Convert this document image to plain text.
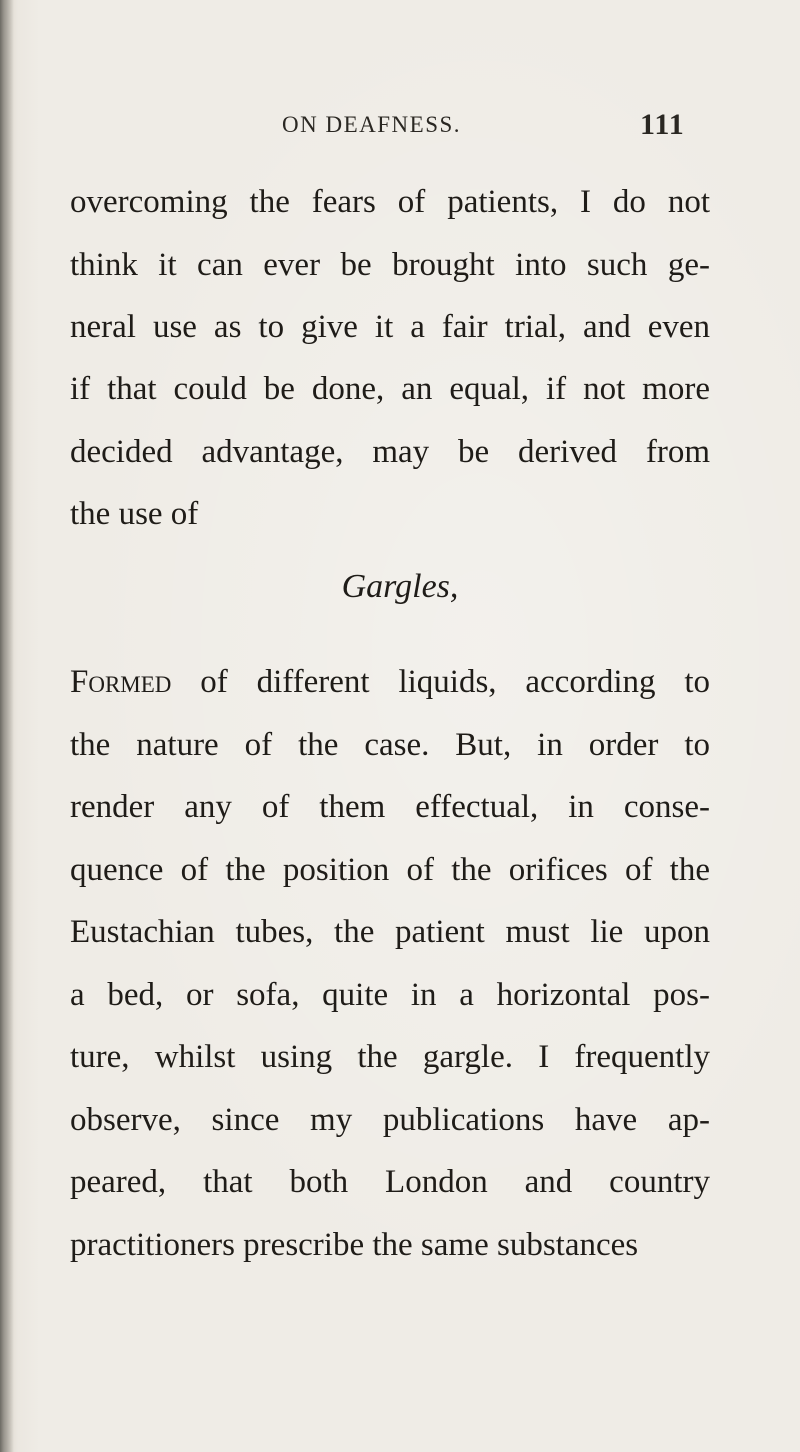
ON DEAFNESS.	111
overcoming the fears of patients, I do not
think it can ever be brought into such ge-
neral use as to give it a fair trial, and even
if that could be done, an equal, if not more
decided advantage, may be derived from
the use of
Gargles,
Formed of different liquids, according to
the nature of the case. But, in order to
render any of them effectual, in conse-
quence of the position of the orifices of the
Eustachian tubes, the patient must lie upon
a bed, or sofa, quite in a horizontal pos-
ture, whilst using the gargle. I frequently
observe, since my publications have ap-
peared, that both London and country
practitioners prescribe the same substances
